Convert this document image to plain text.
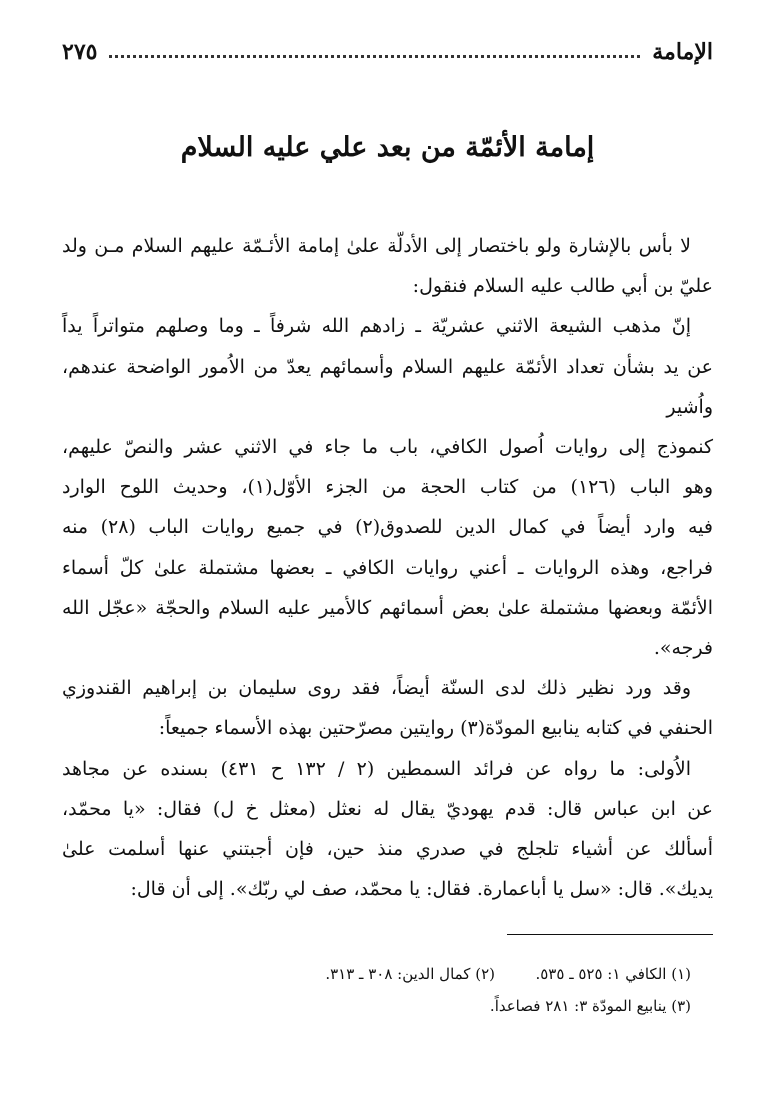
الإمامة
٢٧٥
إمامة الأئمّة من بعد علي عليه السلام

لا بأس بالإشارة ولو باختصار إلى الأدلّة علىٰ إمامة الأئـمّة عليهم السلام مـن ولد
عليّ بن أبي طالب عليه السلام فنقول:

إنّ مذهب الشيعة الاثني عشريّة ـ زادهم الله شرفاً ـ وما وصلهم متواتراً يداً
عن يد بشأن تعداد الأئمّة عليهم السلام وأسمائهم يعدّ من الاُمور الواضحة عندهم، واُشير
كنموذج إلى روايات اُصول الكافي، باب ما جاء في الاثني عشر والنصّ عليهم،
وهو الباب (١٢٦) من كتاب الحجة من الجزء الأوّل(١)، وحديث اللوح الوارد
فيه وارد أيضاً في كمال الدين للصدوق(٢) في جميع روايات الباب (٢٨) منه
فراجع، وهذه الروايات ـ أعني روايات الكافي ـ بعضها مشتملة علىٰ كلّ أسماء
الأئمّة وبعضها مشتملة علىٰ بعض أسمائهم كالأمير عليه السلام والحجّة «عجّل الله فرجه».

وقد ورد نظير ذلك لدى السنّة أيضاً، فقد روى سليمان بن إبراهيم القندوزي
الحنفي في كتابه ينابيع المودّة(٣) روايتين مصرّحتين بهذه الأسماء جميعاً:

الاُولى: ما رواه عن فرائد السمطين (٢ / ١٣٢ ح ٤٣١) بسنده عن مجاهد
عن ابن عباس قال: قدم يهوديّ يقال له نعثل (معثل خ ل) فقال: «يا محمّد،
أسألك عن أشياء تلجلج في صدري منذ حين، فإن أجبتني عنها أسلمت علىٰ
يديك». قال: «سل يا أباعمارة. فقال: يا محمّد، صف لي ربّك». إلى أن قال:

(١) الكافي ١: ٥٢٥ ـ ٥٣٥.
(٢) كمال الدين: ٣٠٨ ـ ٣١٣.
(٣) ينابيع المودّة ٣: ٢٨١ فصاعداً.
